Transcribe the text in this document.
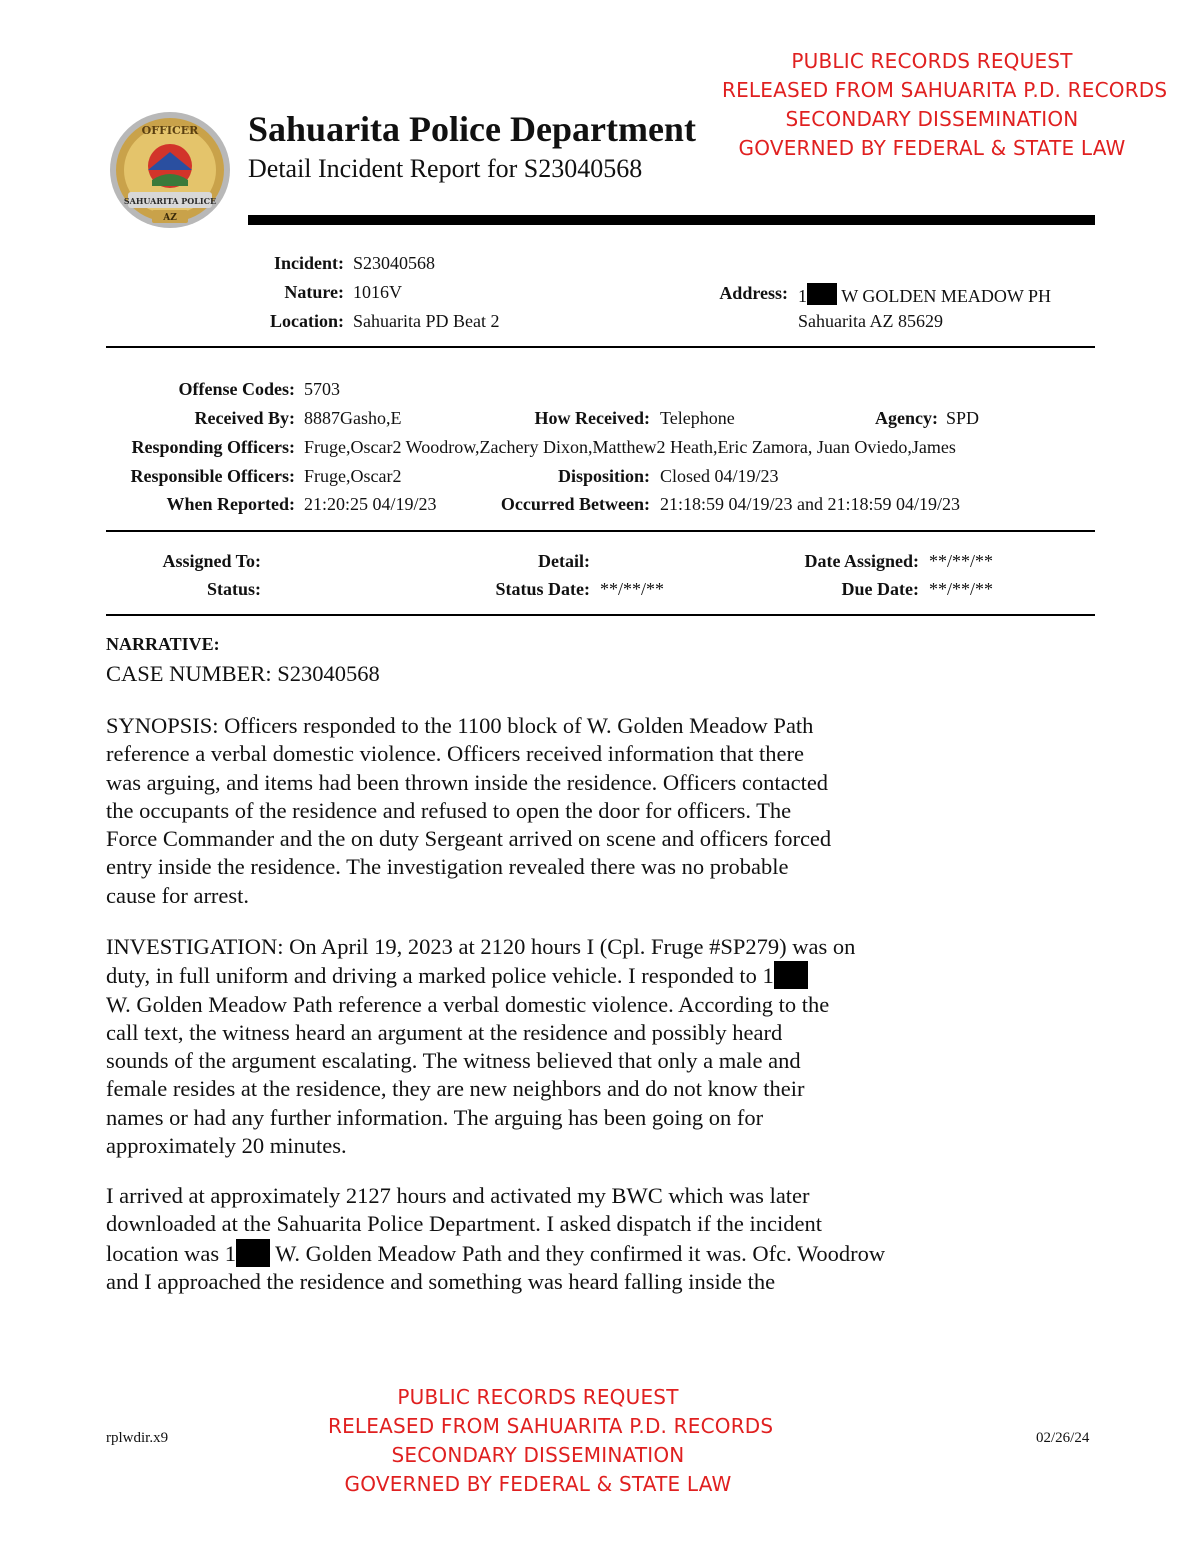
PUBLIC RECORDS REQUEST
RELEASED FROM SAHUARITA P.D. RECORDS
SECONDARY DISSEMINATION
GOVERNED BY FEDERAL & STATE LAW
OFFICER
SAHUARITA POLICE
AZ
Sahuarita Police Department
Detail Incident Report for S23040568
Incident: S23040568
Nature: 1016V
Location: Sahuarita PD Beat 2
Address: 1 W GOLDEN MEADOW PH
Sahuarita AZ 85629
Offense Codes: 5703
Received By: 8887Gasho,E	How Received: Telephone	Agency: SPD
Responding Officers: Fruge,Oscar2 Woodrow,Zachery Dixon,Matthew2 Heath,Eric Zamora, Juan Oviedo,James
Responsible Officers: Fruge,Oscar2	Disposition: Closed 04/19/23
When Reported: 21:20:25 04/19/23	Occurred Between: 21:18:59 04/19/23 and 21:18:59 04/19/23
Assigned To:	Detail:	Date Assigned: **/**/**
Status:	Status Date: **/**/**	Due Date: **/**/**
NARRATIVE:
CASE NUMBER: S23040568
SYNOPSIS: Officers responded to the 1100 block of W. Golden Meadow Path
reference a verbal domestic violence. Officers received information that there
was arguing, and items had been thrown inside the residence. Officers contacted
the occupants of the residence and refused to open the door for officers. The
Force Commander and the on duty Sergeant arrived on scene and officers forced
entry inside the residence. The investigation revealed there was no probable
cause for arrest.
INVESTIGATION: On April 19, 2023 at 2120 hours I (Cpl. Fruge #SP279) was on
duty, in full uniform and driving a marked police vehicle. I responded to 1
W. Golden Meadow Path reference a verbal domestic violence. According to the
call text, the witness heard an argument at the residence and possibly heard
sounds of the argument escalating. The witness believed that only a male and
female resides at the residence, they are new neighbors and do not know their
names or had any further information. The arguing has been going on for
approximately 20 minutes.
I arrived at approximately 2127 hours and activated my BWC which was later
downloaded at the Sahuarita Police Department. I asked dispatch if the incident
location was 1 W. Golden Meadow Path and they confirmed it was. Ofc. Woodrow
and I approached the residence and something was heard falling inside the
rplwdir.x9	02/26/24
PUBLIC RECORDS REQUEST
RELEASED FROM SAHUARITA P.D. RECORDS
SECONDARY DISSEMINATION
GOVERNED BY FEDERAL & STATE LAW
